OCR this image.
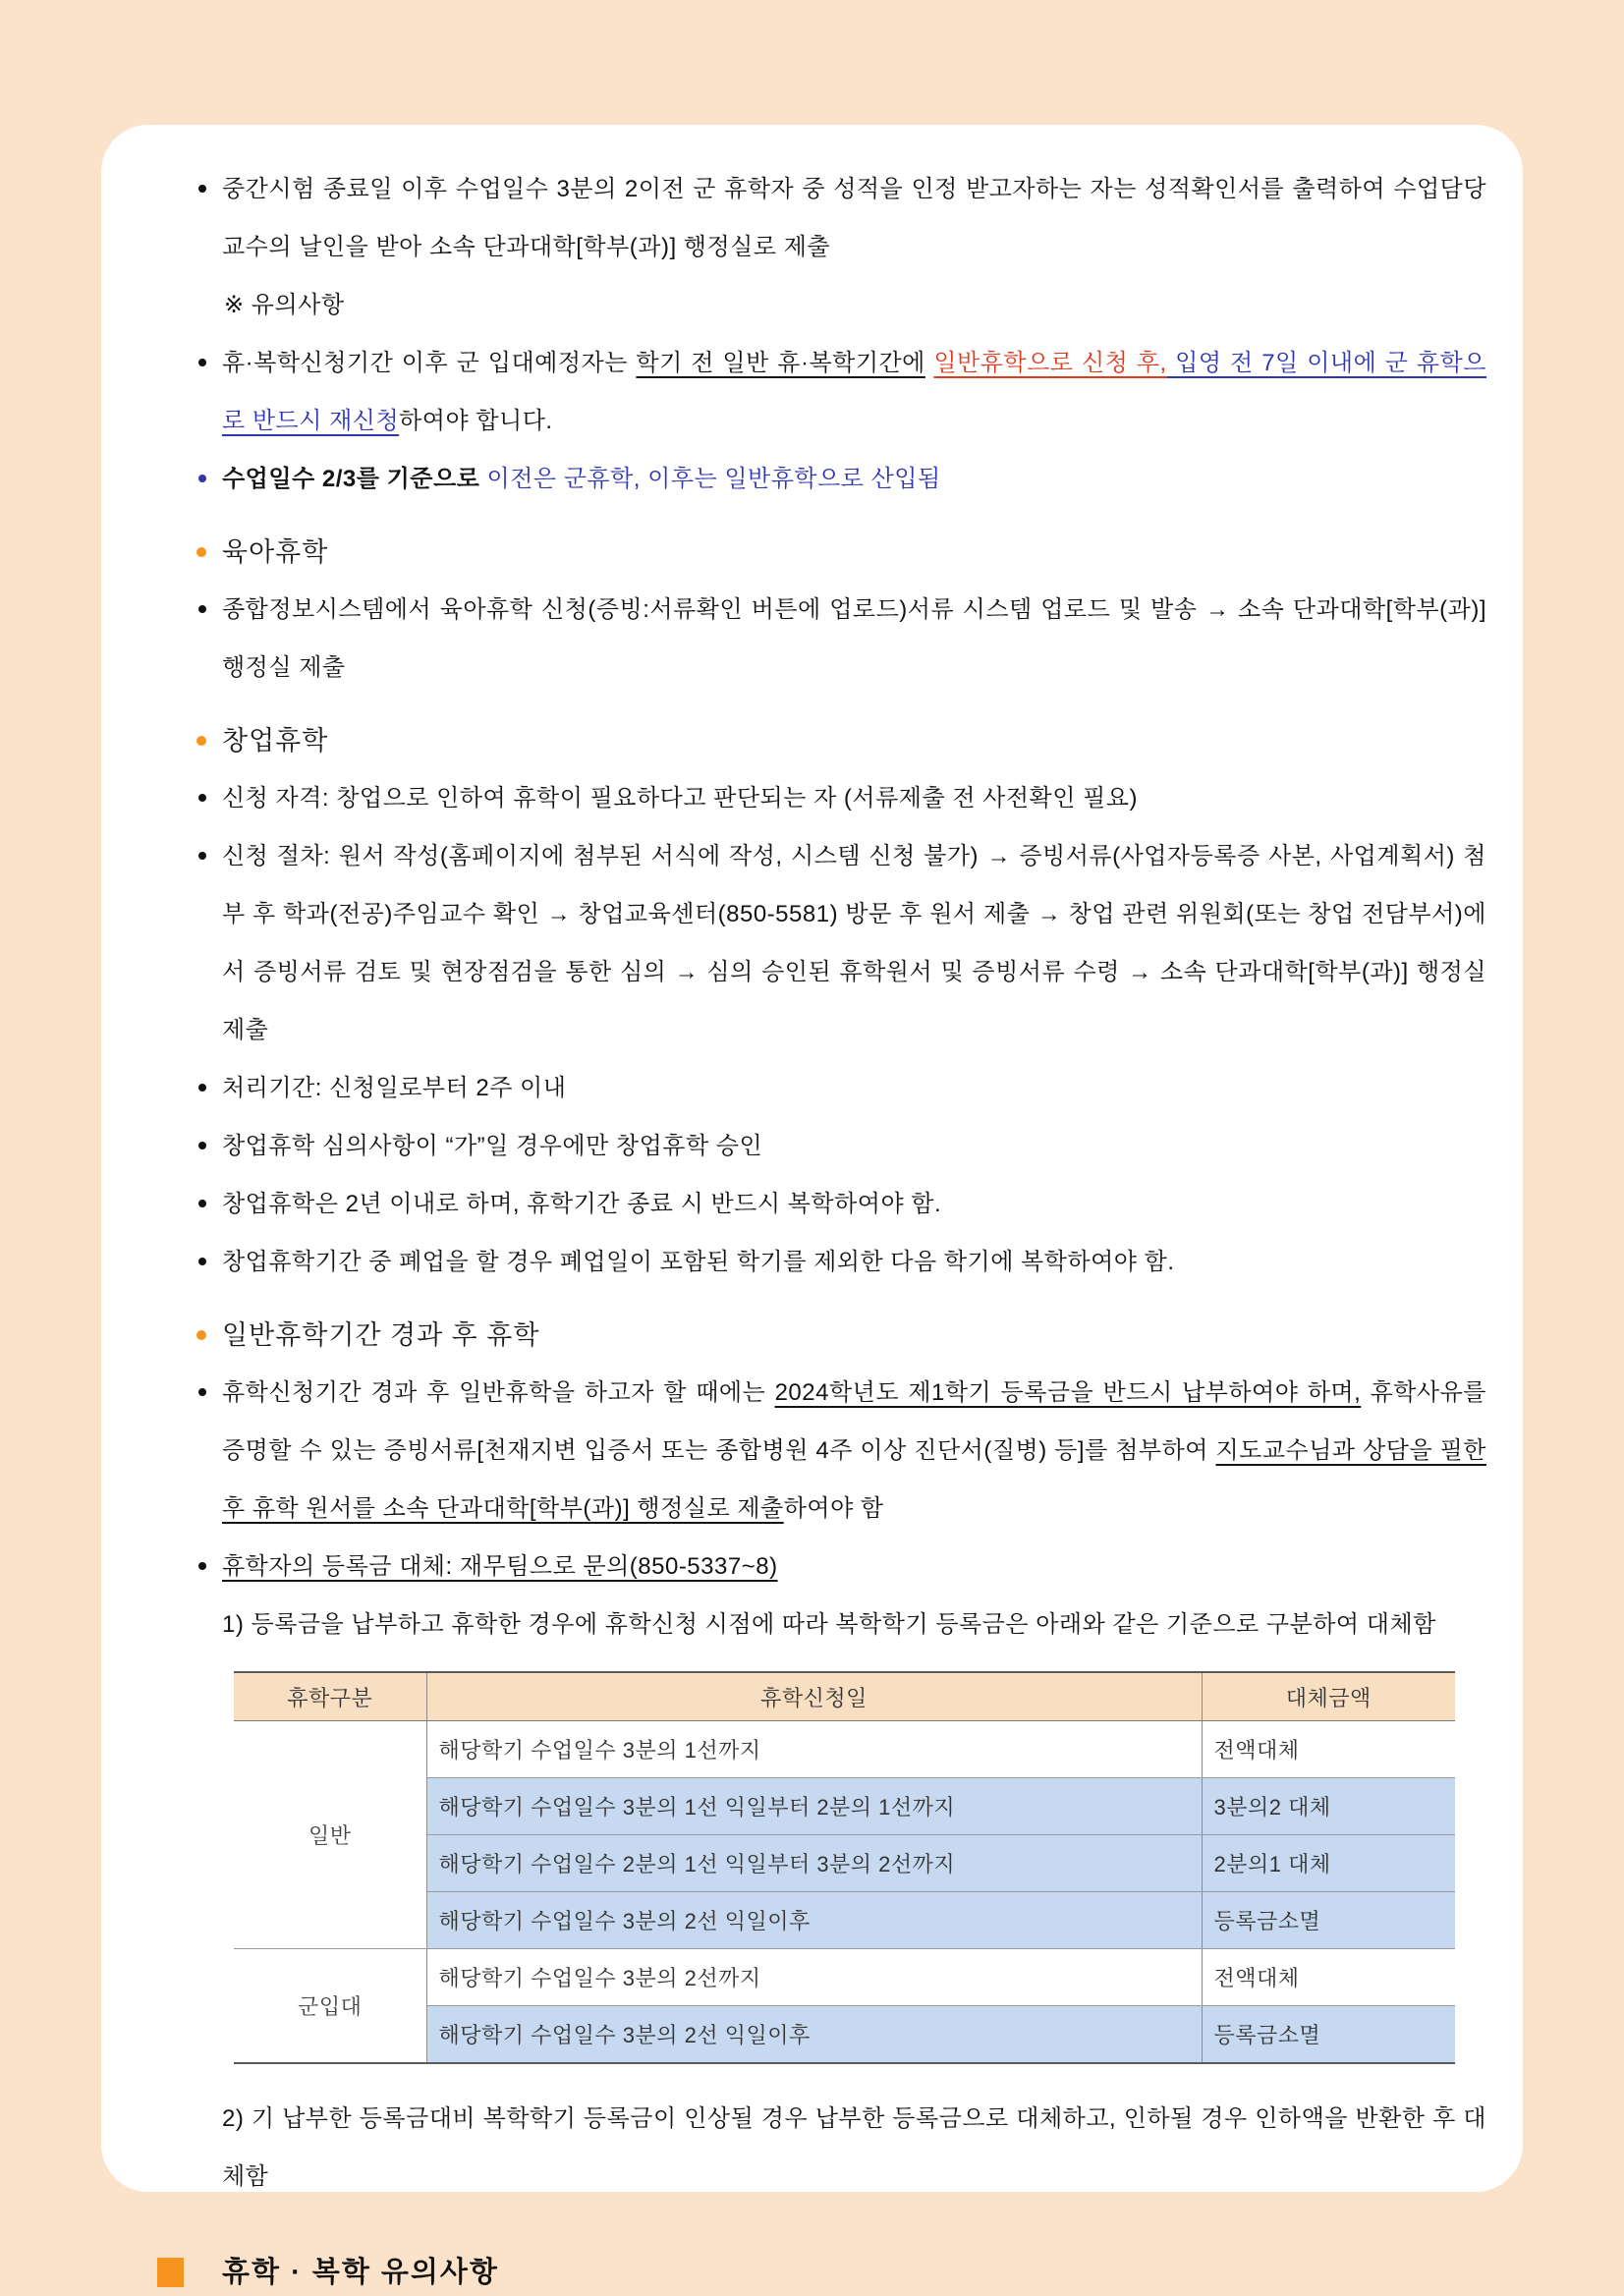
중간시험 종료일 이후 수업일수 3분의 2이전 군 휴학자 중 성적을 인정 받고자하는 자는 성적확인서를 출력하여 수업담당교수의 날인을 받아 소속 단과대학[학부(과)] 행정실로 제출
※ 유의사항
휴·복학신청기간 이후 군 입대예정자는 학기 전 일반 휴·복학기간에 일반휴학으로 신청 후, 입영 전 7일 이내에 군 휴학으로 반드시 재신청하여야 합니다.
수업일수 2/3를 기준으로 이전은 군휴학, 이후는 일반휴학으로 산입됨
육아휴학
종합정보시스템에서 육아휴학 신청(증빙:서류확인 버튼에 업로드)서류 시스템 업로드 및 발송 → 소속 단과대학[학부(과)] 행정실 제출
창업휴학
신청 자격: 창업으로 인하여 휴학이 필요하다고 판단되는 자 (서류제출 전 사전확인 필요)
신청 절차: 원서 작성(홈페이지에 첨부된 서식에 작성, 시스템 신청 불가) → 증빙서류(사업자등록증 사본, 사업계획서) 첨부 후 학과(전공)주임교수 확인 → 창업교육센터(850-5581) 방문 후 원서 제출 → 창업 관련 위원회(또는 창업 전담부서)에서 증빙서류 검토 및 현장점검을 통한 심의 → 심의 승인된 휴학원서 및 증빙서류 수령 → 소속 단과대학[학부(과)] 행정실 제출
처리기간: 신청일로부터 2주 이내
창업휴학 심의사항이 “가”일 경우에만 창업휴학 승인
창업휴학은 2년 이내로 하며, 휴학기간 종료 시 반드시 복학하여야 함.
창업휴학기간 중 폐업을 할 경우 폐업일이 포함된 학기를 제외한 다음 학기에 복학하여야 함.
일반휴학기간 경과 후 휴학
휴학신청기간 경과 후 일반휴학을 하고자 할 때에는 2024학년도 제1학기 등록금을 반드시 납부하여야 하며, 휴학사유를 증명할 수 있는 증빙서류[천재지변 입증서 또는 종합병원 4주 이상 진단서(질병) 등]를 첨부하여 지도교수님과 상담을 필한 후 휴학 원서를 소속 단과대학[학부(과)] 행정실로 제출하여야 함
휴학자의 등록금 대체: 재무팀으로 문의(850-5337~8)
1) 등록금을 납부하고 휴학한 경우에 휴학신청 시점에 따라 복학학기 등록금은 아래와 같은 기준으로 구분하여 대체함
휴학구분	휴학신청일	대체금액
일반	해당학기 수업일수 3분의 1선까지	전액대체
	해당학기 수업일수 3분의 1선 익일부터 2분의 1선까지	3분의2 대체
	해당학기 수업일수 2분의 1선 익일부터 3분의 2선까지	2분의1 대체
	해당학기 수업일수 3분의 2선 익일이후	등록금소멸
군입대	해당학기 수업일수 3분의 2선까지	전액대체
	해당학기 수업일수 3분의 2선 익일이후	등록금소멸
2) 기 납부한 등록금대비 복학학기 등록금이 인상될 경우 납부한 등록금으로 대체하고, 인하될 경우 인하액을 반환한 후 대체함
휴학 · 복학 유의사항
